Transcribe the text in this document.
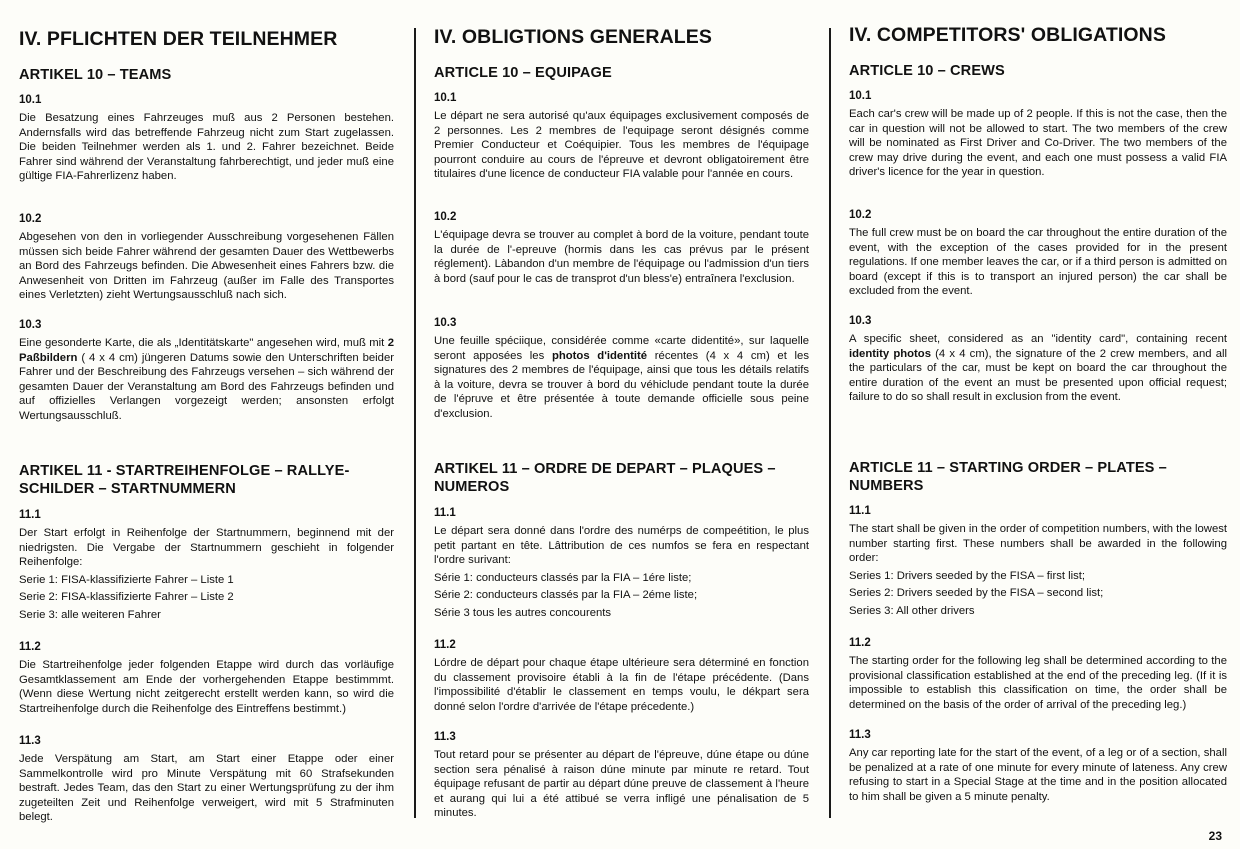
IV. PFLICHTEN DER TEILNEHMER
ARTIKEL 10 – TEAMS

10.1

Die Besatzung eines Fahrzeuges muß aus 2 Personen bestehen. Andernsfalls wird das betreffende Fahrzeug nicht zum Start zugelassen. Die beiden Teilnehmer werden als 1. und 2. Fahrer bezeichnet. Beide Fahrer sind während der Veranstaltung fahrberechtigt, und jeder muß eine gültige FIA-Fahrerlizenz haben.

10.2

Abgesehen von den in vorliegender Ausschreibung vorgesehenen Fällen müssen sich beide Fahrer während der gesamten Dauer des Wettbewerbs an Bord des Fahrzeugs befinden. Die Abwesenheit eines Fahrers bzw. die Anwesenheit von Dritten im Fahrzeug (außer im Falle des Transportes eines Verletzten) zieht Wertungsausschluß nach sich.

10.3

Eine gesonderte Karte, die als „Identitätskarte" angesehen wird, muß mit 2 Paßbildern ( 4 x 4 cm) jüngeren Datums sowie den Unterschriften beider Fahrer und der Beschreibung des Fahrzeugs versehen – sich während der gesamten Dauer der Veranstaltung am Bord des Fahrzeugs befinden und auf offizielles Verlangen vorgezeigt werden; ansonsten erfolgt Wertungsausschluß.

ARTIKEL 11 - STARTREIHENFOLGE – RALLYE-

SCHILDER – STARTNUMMERN

11.1

Der Start erfolgt in Reihenfolge der Startnummern, beginnend mit der niedrigsten. Die Vergabe der Startnummern geschieht in folgender Reihenfolge:

Serie 1: FISA-klassifizierte Fahrer – Liste 1

Serie 2: FISA-klassifizierte Fahrer – Liste 2

Serie 3: alle weiteren Fahrer

11.2

Die Startreihenfolge jeder folgenden Etappe wird durch das vorläufige Gesamtklassement am Ende der vorhergehenden Etappe bestimmmt. (Wenn diese Wertung nicht zeitgerecht erstellt werden kann, so wird die Startreihenfolge durch die Reihenfolge des Eintreffens bestimmt.)

11.3

Jede Verspätung am Start, am Start einer Etappe oder einer Sammelkontrolle wird pro Minute Verspätung mit 60 Strafsekunden bestraft. Jedes Team, das den Start zu einer Wertungsprüfung zu der ihm zugeteilten Zeit und Reihenfolge verweigert, wird mit 5 Strafminuten belegt.

IV. OBLIGTIONS GENERALES
ARTICLE 10 – EQUIPAGE

10.1

Le départ ne sera autorisé qu'aux équipages exclusivement composés de 2 personnes. Les 2 membres de l'equipage seront désignés comme Premier Conducteur et Coéquipier. Tous les membres de l'équipage pourront conduire au cours de l'épreuve et devront obligatoirement être titulaires d'une licence de conducteur FIA valable pour l'année en cours.

10.2

L'équipage devra se trouver au complet à bord de la voiture, pendant toute la durée de l'-epreuve (hormis dans les cas prévus par le présent réglement). Làbandon d'un membre de l'équipage ou l'admission d'un tiers à bord (sauf pour le cas de transprot d'un bless'e) entraînera l'exclusion.

10.3

Une feuille spéciique, considérée comme «carte didentité», sur laquelle seront apposées les photos d'identité récentes (4 x 4 cm) et les signatures des 2 membres de l'équipage, ainsi que tous les détails relatifs à la voiture, devra se trouver à bord du véhiclude pendant toute la durée de l'épruve et être présentée à toute demande officielle sous peine d'exclusion.

ARTIKEL 11 – ORDRE DE DEPART – PLAQUES –

NUMEROS

11.1

Le départ sera donné dans l'ordre des numérps de compeétition, le plus petit partant en tête. Lâttribution de ces numfos se fera en respectant l'ordre surivant:

Série 1: conducteurs classés par la FIA – 1ére liste;

Série 2: conducteurs classés par la FIA – 2éme liste;

Série 3 tous les autres concourents

11.2

Lórdre de départ pour chaque étape ultérieure sera déterminé en fonction du classement provisoire établi à la fin de l'étape précédente. (Dans l'impossibilité d'établir le classement en temps voulu, le dékpart sera donné selon l'ordre d'arrivée de l'étape précedente.)

11.3

Tout retard pour se présenter au départ de l'épreuve, dúne étape ou dúne section sera pénalisé à raison dúne minute par minute re retard. Tout équipage refusant de partir au départ dúne preuve de classement à l'heure et aurang qui lui a été attibué se verra infligé une pénalisation de 5 minutes.

IV. COMPETITORS' OBLIGATIONS
ARTICLE 10 – CREWS

10.1

Each car's crew will be made up of 2 people. If this is not the case, then the car in question will not be allowed to start. The two members of the crew will be nominated as First Driver and Co-Driver. The two members of the crew may drive during the event, and each one must possess a valid FIA driver's licence for the year in question.

10.2

The full crew must be on board the car throughout the entire duration of the event, with the exception of the cases provided for in the present regulations. If one member leaves the car, or if a third person is admitted on board (except if this is to transport an injured person) the car shall be excluded from the event.

10.3

A specific sheet, considered as an "identity card", containing recent identity photos (4 x 4 cm), the signature of the 2 crew members, and all the particulars of the car, must be kept on board the car throughout the entire duration of the event an must be presented upon official request; failure to do so shall result in exclusion from the event.

ARTICLE 11 – STARTING ORDER – PLATES –

NUMBERS

11.1

The start shall be given in the order of competition numbers, with the lowest number starting first. These numbers shall be awarded in the following order:

Series 1: Drivers seeded by the FISA – first list;

Series 2: Drivers seeded by the FISA – second list;

Series 3: All other drivers

11.2

The starting order for the following leg shall be determined according to the provisional classification established at the end of the preceding leg. (If it is impossible to establish this classification on time, the order shall be determined on the basis of the order of arrival of the preceding leg.)

11.3

Any car reporting late for the start of the event, of a leg or of a section, shall be penalized at a rate of one minute for every minute of lateness. Any crew refusing to start in a Special Stage at the time and in the position allocated to him shall be given a 5 minute penalty.

23
